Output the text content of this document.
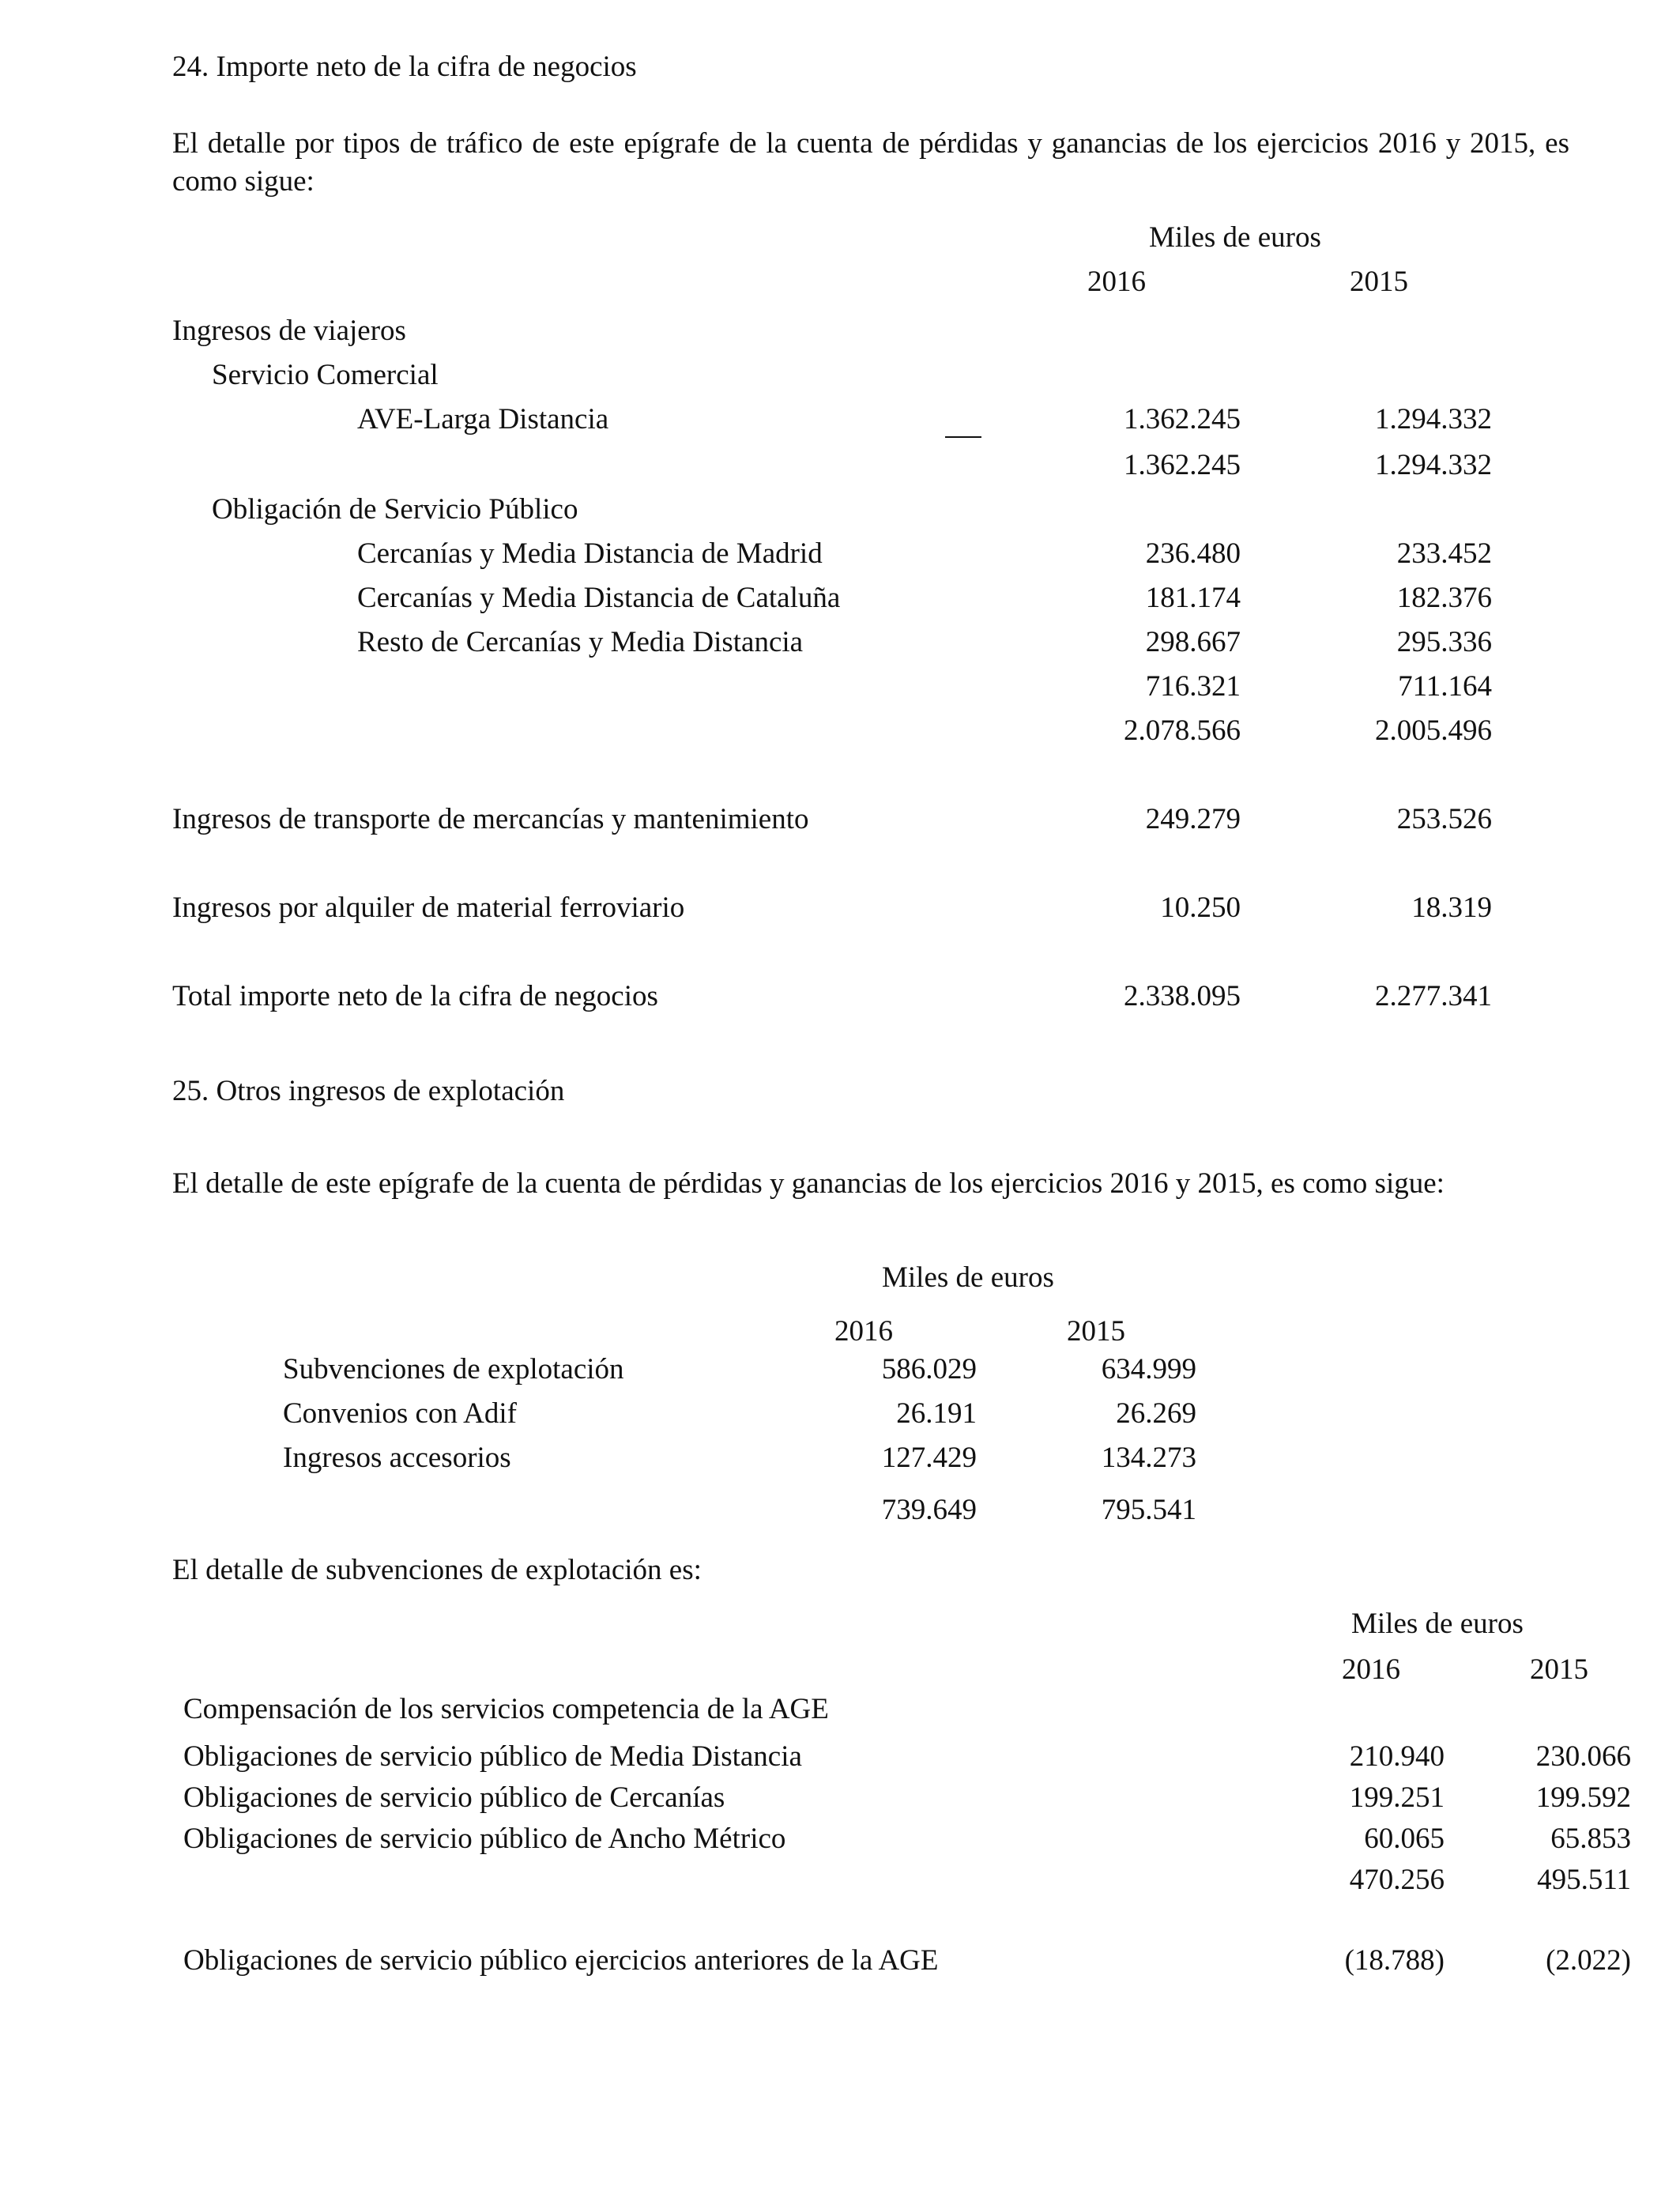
24. Importe neto de la cifra de negocios
El detalle por tipos de tráfico de este epígrafe de la cuenta de pérdidas y ganancias de los ejercicios 2016 y 2015, es como sigue:
Miles de euros
2016	2015
Ingresos de viajeros
Servicio Comercial
AVE-Larga Distancia	1.362.245	1.294.332
1.362.245	1.294.332
Obligación de Servicio Público
Cercanías y Media Distancia de Madrid	236.480	233.452
Cercanías y Media Distancia de Cataluña	181.174	182.376
Resto de Cercanías y Media Distancia	298.667	295.336
716.321	711.164
2.078.566	2.005.496
Ingresos de transporte de mercancías y mantenimiento	249.279	253.526
Ingresos por alquiler de material ferroviario	10.250	18.319
Total importe neto de la cifra de negocios	2.338.095	2.277.341
25. Otros ingresos de explotación
El detalle de este epígrafe de la cuenta de pérdidas y ganancias de los ejercicios 2016 y 2015, es como sigue:
Miles de euros
2016	2015
Subvenciones de explotación	586.029	634.999
Convenios con Adif	26.191	26.269
Ingresos accesorios	127.429	134.273
739.649	795.541
El detalle de subvenciones de explotación es:
Miles de euros
2016	2015
Compensación de los servicios competencia de la AGE
Obligaciones de servicio público de Media Distancia	210.940	230.066
Obligaciones de servicio público de Cercanías	199.251	199.592
Obligaciones de servicio público de Ancho Métrico	60.065	65.853
470.256	495.511
Obligaciones de servicio público ejercicios anteriores de la AGE	(18.788)	(2.022)
